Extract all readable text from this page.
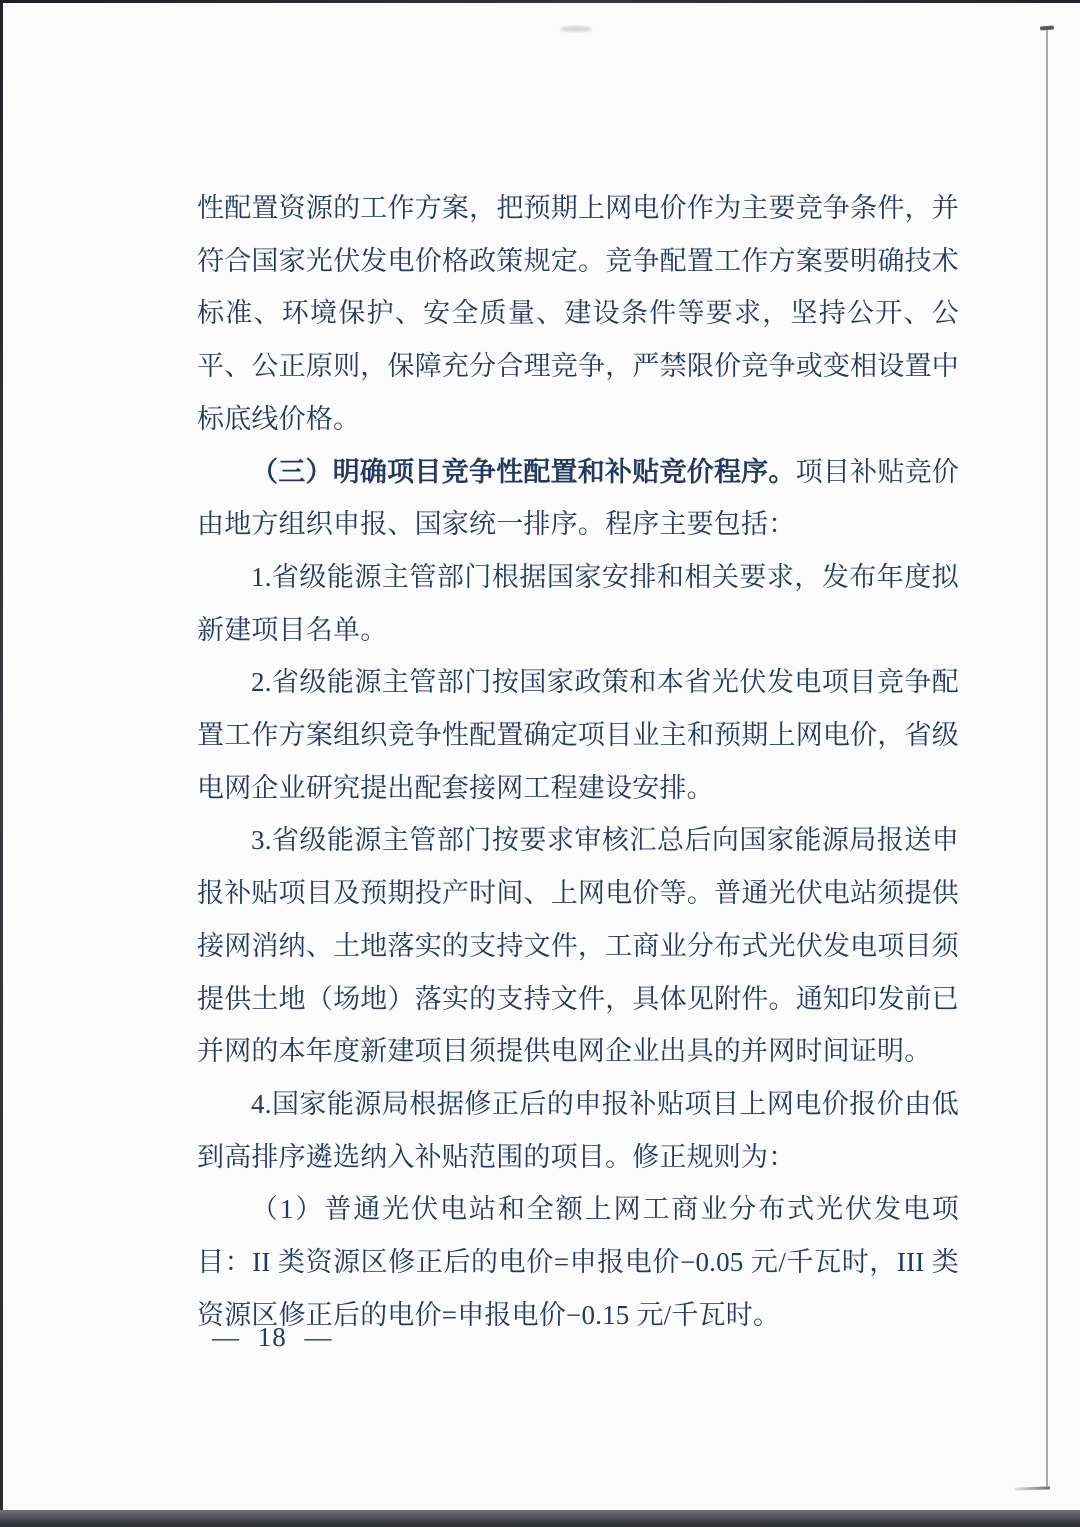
性配置资源的工作方案，把预期上网电价作为主要竞争条件，并符合国家光伏发电价格政策规定。竞争配置工作方案要明确技术标准、环境保护、安全质量、建设条件等要求，坚持公开、公平、公正原则，保障充分合理竞争，严禁限价竞争或变相设置中标底线价格。

（三）明确项目竞争性配置和补贴竞价程序。项目补贴竞价由地方组织申报、国家统一排序。程序主要包括：

1.省级能源主管部门根据国家安排和相关要求，发布年度拟新建项目名单。

2.省级能源主管部门按国家政策和本省光伏发电项目竞争配置工作方案组织竞争性配置确定项目业主和预期上网电价，省级电网企业研究提出配套接网工程建设安排。

3.省级能源主管部门按要求审核汇总后向国家能源局报送申报补贴项目及预期投产时间、上网电价等。普通光伏电站须提供接网消纳、土地落实的支持文件，工商业分布式光伏发电项目须提供土地（场地）落实的支持文件，具体见附件。通知印发前已并网的本年度新建项目须提供电网企业出具的并网时间证明。

4.国家能源局根据修正后的申报补贴项目上网电价报价由低到高排序遴选纳入补贴范围的项目。修正规则为：

（1）普通光伏电站和全额上网工商业分布式光伏发电项目：II 类资源区修正后的电价=申报电价−0.05 元/千瓦时，III 类资源区修正后的电价=申报电价−0.15 元/千瓦时。

— 18 —
